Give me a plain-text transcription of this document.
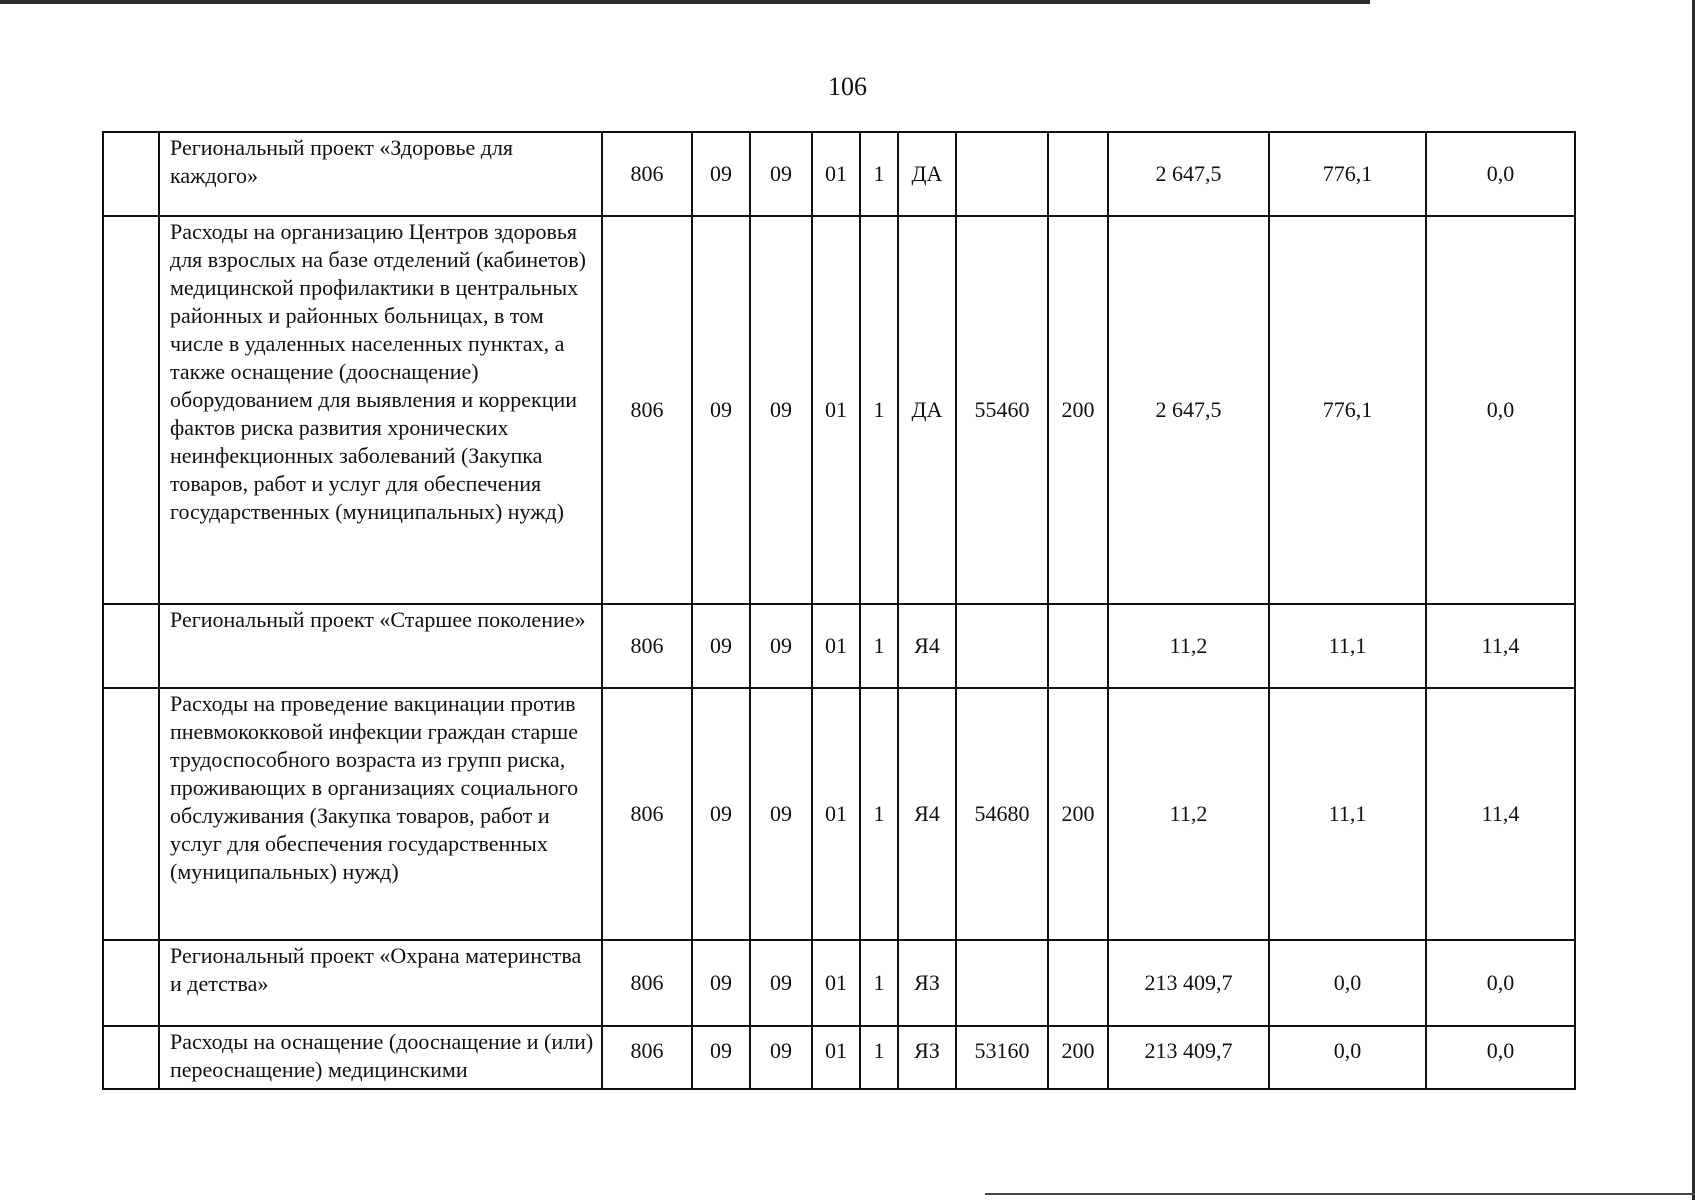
106
	Региональный проект «Здоровье для каждого»	806	09	09	01	1	ДА			2 647,5	776,1	0,0
	Расходы на организацию Центров здоровья для взрослых на базе отделений (кабинетов) медицинской профилактики в центральных районных и районных больницах, в том числе в удаленных населенных пунктах, а также оснащение (дооснащение) оборудованием для выявления и коррекции фактов риска развития хронических неинфекционных заболеваний (Закупка товаров, работ и услуг для обеспечения государственных (муниципальных) нужд)	806	09	09	01	1	ДА	55460	200	2 647,5	776,1	0,0
	Региональный проект «Старшее поколение»	806	09	09	01	1	Я4			11,2	11,1	11,4
	Расходы на проведение вакцинации против пневмококковой инфекции граждан старше трудоспособного возраста из групп риска, проживающих в организациях социального обслуживания (Закупка товаров, работ и услуг для обеспечения государственных (муниципальных) нужд)	806	09	09	01	1	Я4	54680	200	11,2	11,1	11,4
	Региональный проект «Охрана материнства и детства»	806	09	09	01	1	ЯЗ			213 409,7	0,0	0,0
	Расходы на оснащение (дооснащение и (или) переоснащение) медицинскими	806	09	09	01	1	ЯЗ	53160	200	213 409,7	0,0	0,0
